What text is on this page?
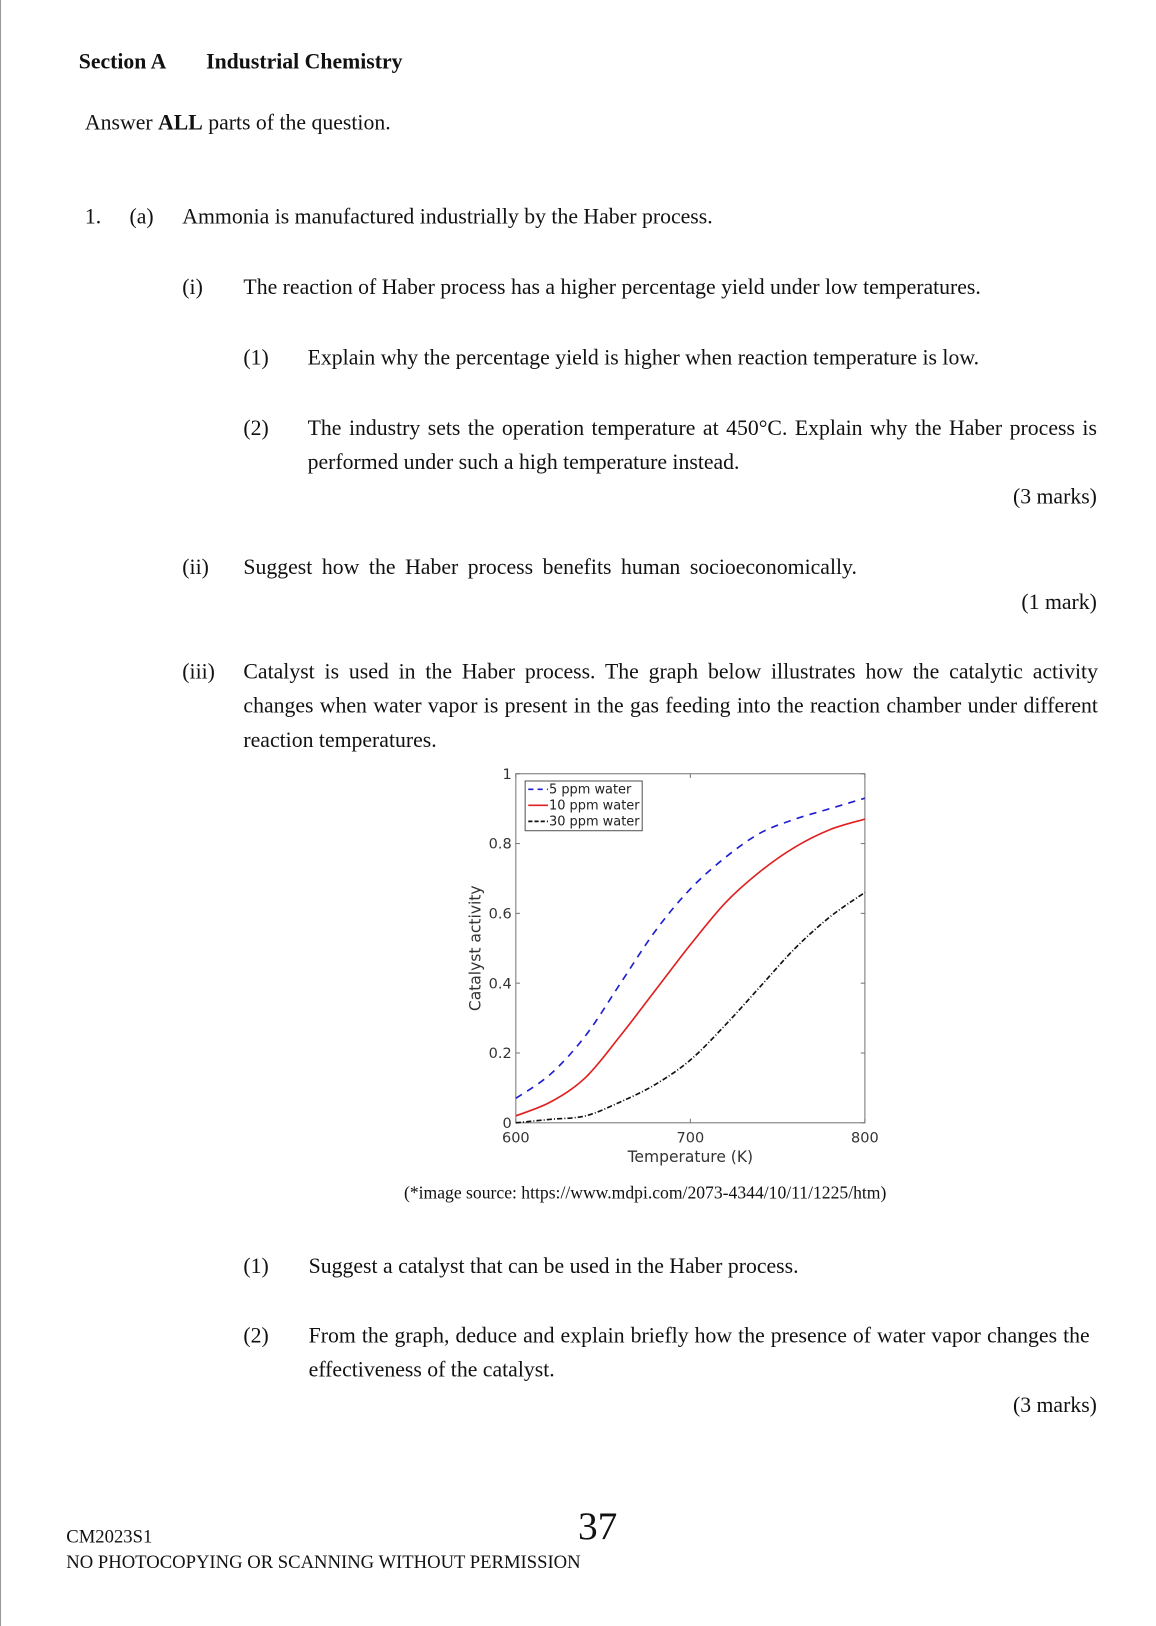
Section A Industrial Chemistry
Answer ALL parts of the question.
1. (a) Ammonia is manufactured industrially by the Haber process.
(i) The reaction of Haber process has a higher percentage yield under low temperatures.
(1) Explain why the percentage yield is higher when reaction temperature is low.
(2) The industry sets the operation temperature at 450°C. Explain why the Haber process is performed under such a high temperature instead.
(3 marks)
(ii) Suggest how the Haber process benefits human socioeconomically.
(1 mark)
(iii) Catalyst is used in the Haber process. The graph below illustrates how the catalytic activity changes when water vapor is present in the gas feeding into the reaction chamber under different reaction temperatures.
0
0.2
0.4
0.6
0.8
1
600	700	800
Temperature (K)
Catalyst activity
5 ppm water
10 ppm water
30 ppm water
(*image source: https://www.mdpi.com/2073-4344/10/11/1225/htm)
(1) Suggest a catalyst that can be used in the Haber process.
(2) From the graph, deduce and explain briefly how the presence of water vapor changes the effectiveness of the catalyst.
(3 marks)
CM2023S1
NO PHOTOCOPYING OR SCANNING WITHOUT PERMISSION
37
